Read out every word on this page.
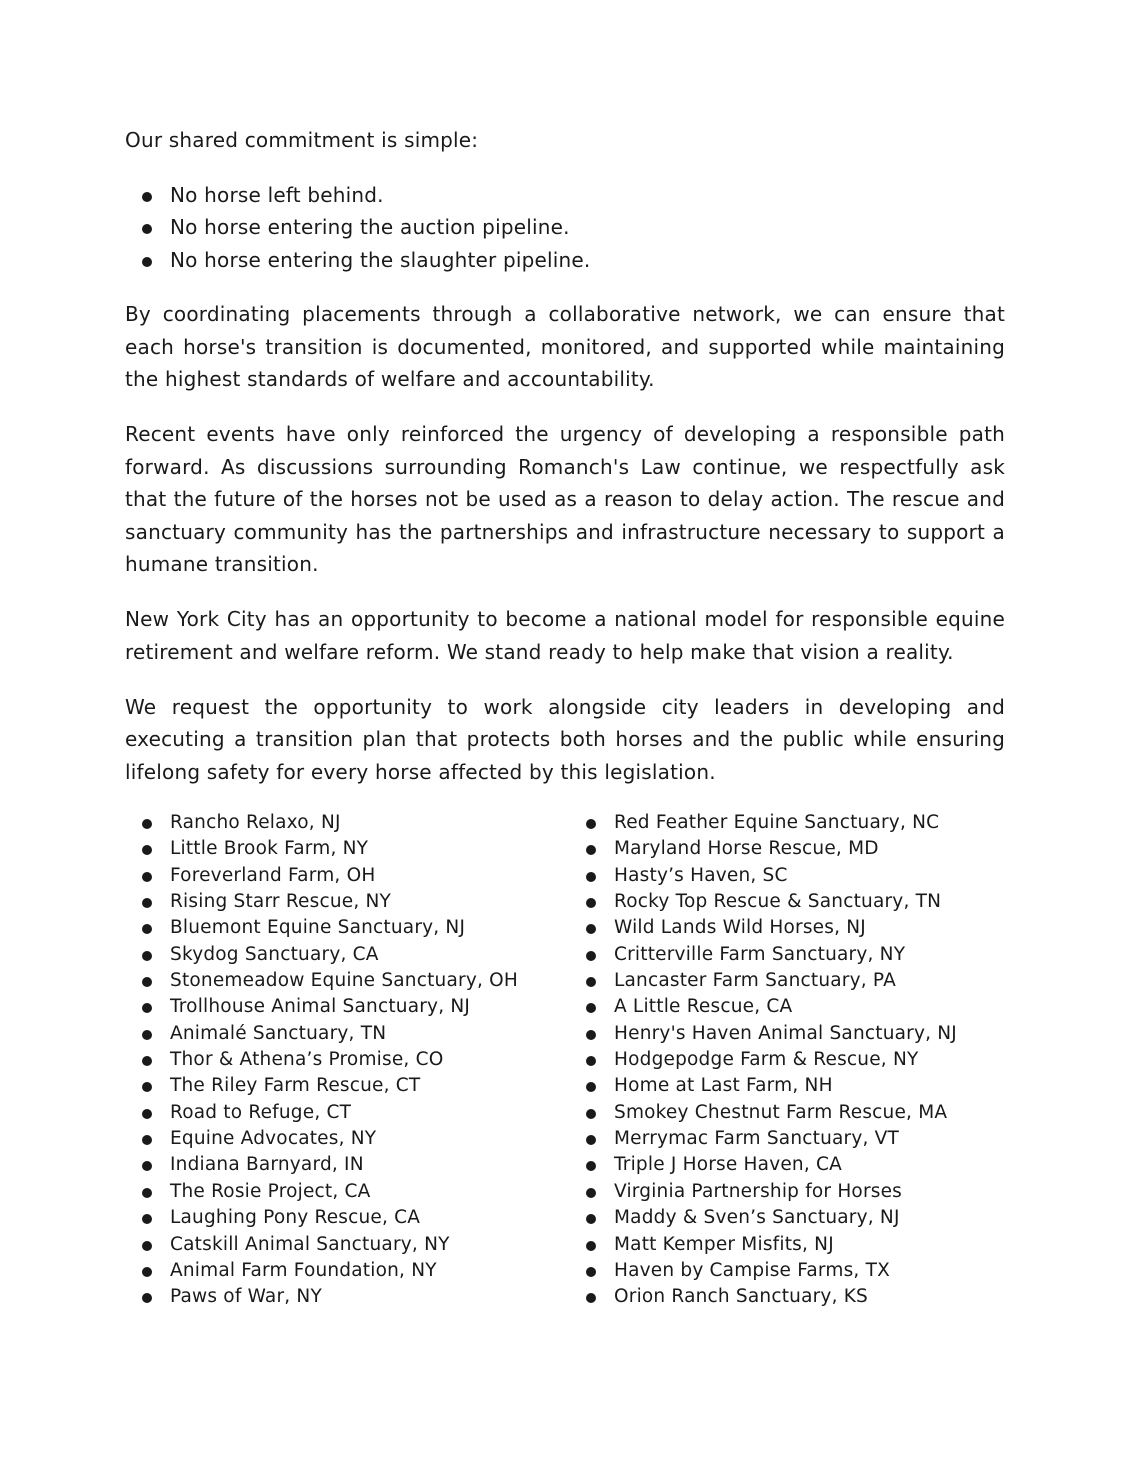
Our shared commitment is simple:

No horse left behind.
No horse entering the auction pipeline.
No horse entering the slaughter pipeline.

By coordinating placements through a collaborative network, we can ensure that each horse's transition is documented, monitored, and supported while maintaining the highest standards of welfare and accountability.

Recent events have only reinforced the urgency of developing a responsible path forward. As discussions surrounding Romanch's Law continue, we respectfully ask that the future of the horses not be used as a reason to delay action. The rescue and sanctuary community has the partnerships and infrastructure necessary to support a humane transition.

New York City has an opportunity to become a national model for responsible equine retirement and welfare reform. We stand ready to help make that vision a reality.

We request the opportunity to work alongside city leaders in developing and executing a transition plan that protects both horses and the public while ensuring lifelong safety for every horse affected by this legislation.

Rancho Relaxo, NJ
Little Brook Farm, NY
Foreverland Farm, OH
Rising Starr Rescue, NY
Bluemont Equine Sanctuary, NJ
Skydog Sanctuary, CA
Stonemeadow Equine Sanctuary, OH
Trollhouse Animal Sanctuary, NJ
Animalé Sanctuary, TN
Thor & Athena’s Promise, CO
The Riley Farm Rescue, CT
Road to Refuge, CT
Equine Advocates, NY
Indiana Barnyard, IN
The Rosie Project, CA
Laughing Pony Rescue, CA
Catskill Animal Sanctuary, NY
Animal Farm Foundation, NY
Paws of War, NY
Red Feather Equine Sanctuary, NC
Maryland Horse Rescue, MD
Hasty’s Haven, SC
Rocky Top Rescue & Sanctuary, TN
Wild Lands Wild Horses, NJ
Critterville Farm Sanctuary, NY
Lancaster Farm Sanctuary, PA
A Little Rescue, CA
Henry's Haven Animal Sanctuary, NJ
Hodgepodge Farm & Rescue, NY
Home at Last Farm, NH
Smokey Chestnut Farm Rescue, MA
Merrymac Farm Sanctuary, VT
Triple J Horse Haven, CA
Virginia Partnership for Horses
Maddy & Sven’s Sanctuary, NJ
Matt Kemper Misfits, NJ
Haven by Campise Farms, TX
Orion Ranch Sanctuary, KS
